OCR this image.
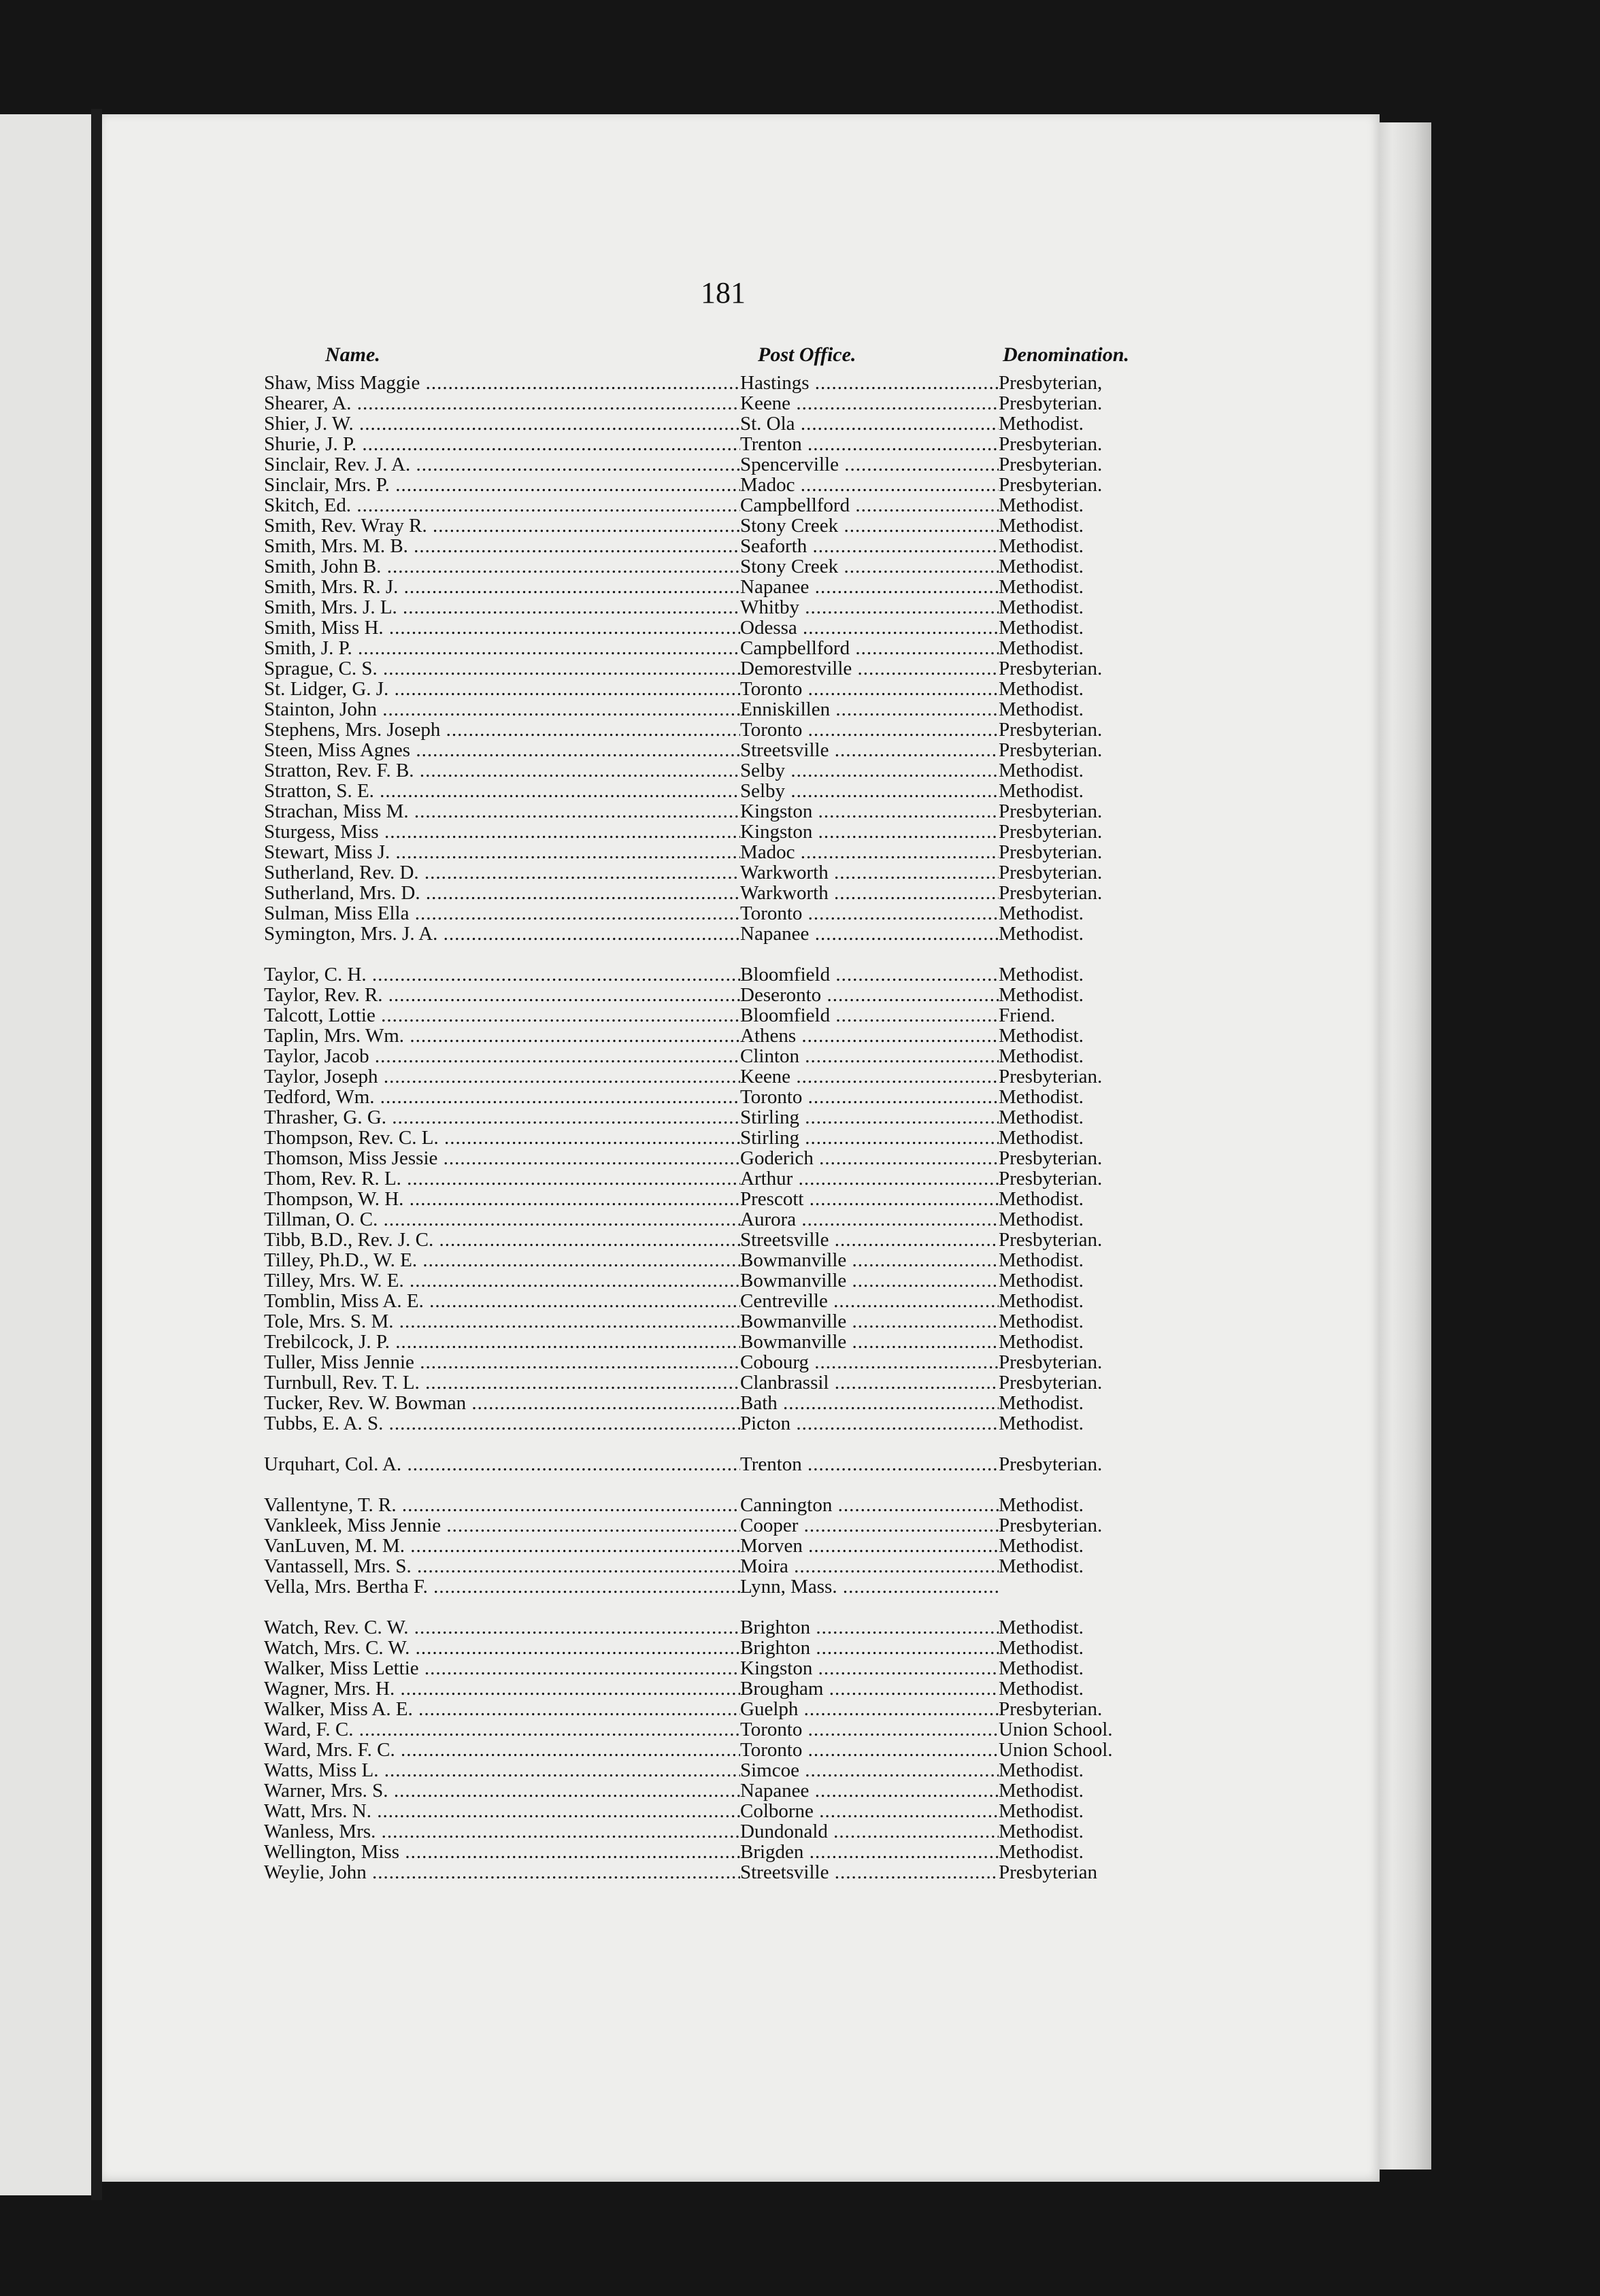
181
Name.	Post Office.	Denomination.
Shaw, Miss Maggie .....	Hastings .....	Presbyterian,
Shearer, A. .....	Keene .....	Presbyterian.
Shier, J. W. .....	St. Ola .....	Methodist.
Shurie, J. P. .....	Trenton .....	Presbyterian.
Sinclair, Rev. J. A. .....	Spencerville .....	Presbyterian.
Sinclair, Mrs. P. .....	Madoc .....	Presbyterian.
Skitch, Ed. .....	Campbellford .....	Methodist.
Smith, Rev. Wray R. .....	Stony Creek .....	Methodist.
Smith, Mrs. M. B. .....	Seaforth .....	Methodist.
Smith, John B. .....	Stony Creek .....	Methodist.
Smith, Mrs. R. J. .....	Napanee .....	Methodist.
Smith, Mrs. J. L. .....	Whitby .....	Methodist.
Smith, Miss H. .....	Odessa .....	Methodist.
Smith, J. P. .....	Campbellford .....	Methodist.
Sprague, C. S. .....	Demorestville .....	Presbyterian.
St. Lidger, G. J. .....	Toronto .....	Methodist.
Stainton, John .....	Enniskillen .....	Methodist.
Stephens, Mrs. Joseph .....	Toronto .....	Presbyterian.
Steen, Miss Agnes .....	Streetsville .....	Presbyterian.
Stratton, Rev. F. B. .....	Selby .....	Methodist.
Stratton, S. E. .....	Selby .....	Methodist.
Strachan, Miss M. .....	Kingston .....	Presbyterian.
Sturgess, Miss .....	Kingston .....	Presbyterian.
Stewart, Miss J. .....	Madoc .....	Presbyterian.
Sutherland, Rev. D. .....	Warkworth .....	Presbyterian.
Sutherland, Mrs. D. .....	Warkworth .....	Presbyterian.
Sulman, Miss Ella .....	Toronto .....	Methodist.
Symington, Mrs. J. A. .....	Napanee .....	Methodist.
Taylor, C. H. .....	Bloomfield .....	Methodist.
Taylor, Rev. R. .....	Deseronto .....	Methodist.
Talcott, Lottie .....	Bloomfield .....	Friend.
Taplin, Mrs. Wm. .....	Athens .....	Methodist.
Taylor, Jacob .....	Clinton .....	Methodist.
Taylor, Joseph .....	Keene .....	Presbyterian.
Tedford, Wm. .....	Toronto .....	Methodist.
Thrasher, G. G. .....	Stirling .....	Methodist.
Thompson, Rev. C. L. .....	Stirling .....	Methodist.
Thomson, Miss Jessie .....	Goderich .....	Presbyterian.
Thom, Rev. R. L. .....	Arthur .....	Presbyterian.
Thompson, W. H. .....	Prescott .....	Methodist.
Tillman, O. C. .....	Aurora .....	Methodist.
Tibb, B.D., Rev. J. C. .....	Streetsville .....	Presbyterian.
Tilley, Ph.D., W. E. .....	Bowmanville .....	Methodist.
Tilley, Mrs. W. E. .....	Bowmanville .....	Methodist.
Tomblin, Miss A. E. .....	Centreville .....	Methodist.
Tole, Mrs. S. M. .....	Bowmanville .....	Methodist.
Trebilcock, J. P. .....	Bowmanville .....	Methodist.
Tuller, Miss Jennie .....	Cobourg .....	Presbyterian.
Turnbull, Rev. T. L. .....	Clanbrassil .....	Presbyterian.
Tucker, Rev. W. Bowman .....	Bath .....	Methodist.
Tubbs, E. A. S. .....	Picton .....	Methodist.
Urquhart, Col. A. .....	Trenton .....	Presbyterian.
Vallentyne, T. R. .....	Cannington .....	Methodist.
Vankleek, Miss Jennie .....	Cooper .....	Presbyterian.
VanLuven, M. M. .....	Morven .....	Methodist.
Vantassell, Mrs. S. .....	Moira .....	Methodist.
Vella, Mrs. Bertha F. .....	Lynn, Mass. .....
Watch, Rev. C. W. .....	Brighton .....	Methodist.
Watch, Mrs. C. W. .....	Brighton .....	Methodist.
Walker, Miss Lettie .....	Kingston .....	Methodist.
Wagner, Mrs. H. .....	Brougham .....	Methodist.
Walker, Miss A. E. .....	Guelph .....	Presbyterian.
Ward, F. C. .....	Toronto .....	Union School.
Ward, Mrs. F. C. .....	Toronto .....	Union School.
Watts, Miss L. .....	Simcoe .....	Methodist.
Warner, Mrs. S. .....	Napanee .....	Methodist.
Watt, Mrs. N. .....	Colborne .....	Methodist.
Wanless, Mrs. .....	Dundonald .....	Methodist.
Wellington, Miss .....	Brigden .....	Methodist.
Weylie, John .....	Streetsville .....	Presbyterian
